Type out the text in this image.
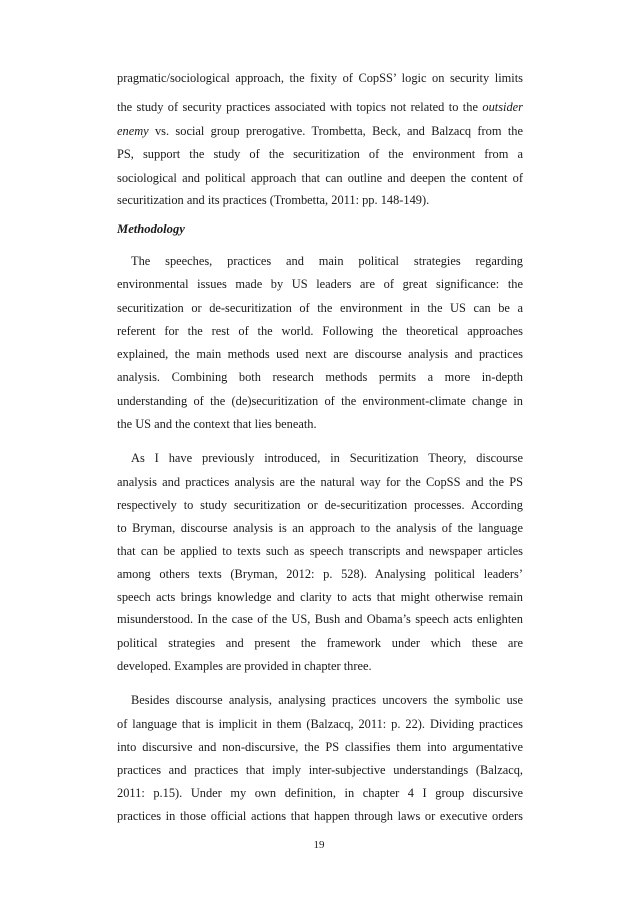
pragmatic/sociological approach, the fixity of CopSS’ logic on security limits
the study of security practices associated with topics not related to the outsider
enemy vs. social group prerogative. Trombetta, Beck, and Balzacq from the
PS, support the study of the securitization of the environment from a
sociological and political approach that can outline and deepen the content of
securitization and its practices (Trombetta, 2011: pp. 148-149).
Methodology
The speeches, practices and main political strategies regarding
environmental issues made by US leaders are of great significance: the
securitization or de-securitization of the environment in the US can be a
referent for the rest of the world. Following the theoretical approaches
explained, the main methods used next are discourse analysis and practices
analysis. Combining both research methods permits a more in-depth
understanding of the (de)securitization of the environment-climate change in
the US and the context that lies beneath.
As I have previously introduced, in Securitization Theory, discourse
analysis and practices analysis are the natural way for the CopSS and the PS
respectively to study securitization or de-securitization processes. According
to Bryman, discourse analysis is an approach to the analysis of the language
that can be applied to texts such as speech transcripts and newspaper articles
among others texts (Bryman, 2012: p. 528). Analysing political leaders’
speech acts brings knowledge and clarity to acts that might otherwise remain
misunderstood. In the case of the US, Bush and Obama’s speech acts enlighten
political strategies and present the framework under which these are
developed. Examples are provided in chapter three.
Besides discourse analysis, analysing practices uncovers the symbolic use
of language that is implicit in them (Balzacq, 2011: p. 22). Dividing practices
into discursive and non-discursive, the PS classifies them into argumentative
practices and practices that imply inter-subjective understandings (Balzacq,
2011: p.15). Under my own definition, in chapter 4 I group discursive
practices in those official actions that happen through laws or executive orders
19
